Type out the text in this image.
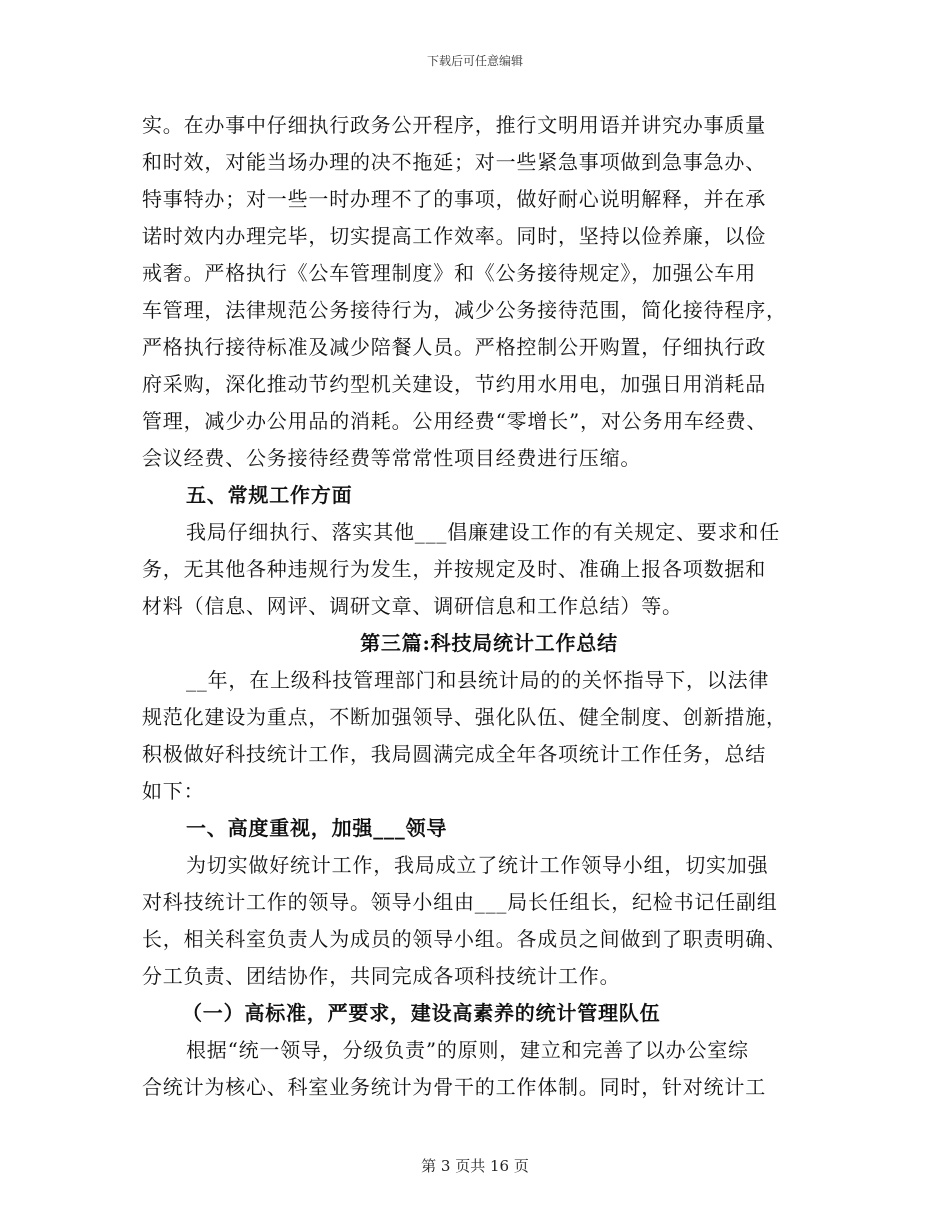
下载后可任意编辑
实。在办事中仔细执行政务公开程序，推行文明用语并讲究办事质量
和时效，对能当场办理的决不拖延；对一些紧急事项做到急事急办、
特事特办；对一些一时办理不了的事项，做好耐心说明解释，并在承
诺时效内办理完毕，切实提高工作效率。同时，坚持以俭养廉，以俭
戒奢。严格执行《公车管理制度》和《公务接待规定》，加强公车用
车管理，法律规范公务接待行为，减少公务接待范围，简化接待程序，
严格执行接待标准及减少陪餐人员。严格控制公开购置，仔细执行政
府采购，深化推动节约型机关建设，节约用水用电，加强日用消耗品
管理，减少办公用品的消耗。公用经费“零增长”，对公务用车经费、
会议经费、公务接待经费等常常性项目经费进行压缩。
五、常规工作方面
我局仔细执行、落实其他___倡廉建设工作的有关规定、要求和任
务，无其他各种违规行为发生，并按规定及时、准确上报各项数据和
材料（信息、网评、调研文章、调研信息和工作总结）等。
第三篇:科技局统计工作总结
__年，在上级科技管理部门和县统计局的的关怀指导下，以法律
规范化建设为重点，不断加强领导、强化队伍、健全制度、创新措施，
积极做好科技统计工作，我局圆满完成全年各项统计工作任务，总结
如下：
一、高度重视，加强___领导
为切实做好统计工作，我局成立了统计工作领导小组，切实加强
对科技统计工作的领导。领导小组由___局长任组长，纪检书记任副组
长，相关科室负责人为成员的领导小组。各成员之间做到了职责明确、
分工负责、团结协作，共同完成各项科技统计工作。
（一）高标准，严要求，建设高素养的统计管理队伍
根据“统一领导，分级负责”的原则，建立和完善了以办公室综
合统计为核心、科室业务统计为骨干的工作体制。同时，针对统计工
第 3 页共 16 页
